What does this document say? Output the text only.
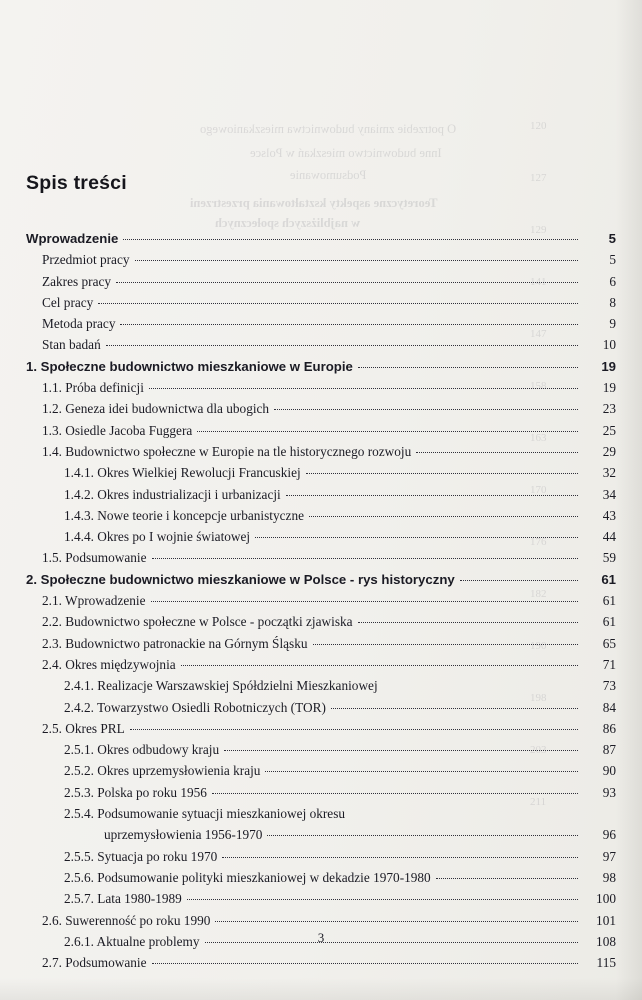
O potrzebie zmiany budownictwa mieszkaniowego
Inne budownictwo mieszkań w Polsce
Podsumowanie
Teoretyczne aspekty kształtowania przestrzeni
w najbliższych społecznych
Spis treści
Wprowadzenie	5
Przedmiot pracy	5
Zakres pracy	6
Cel pracy	8
Metoda pracy	9
Stan badań	10
1. Społeczne budownictwo mieszkaniowe w Europie	19
1.1. Próba definicji	19
1.2. Geneza idei budownictwa dla ubogich	23
1.3. Osiedle Jacoba Fuggera	25
1.4. Budownictwo społeczne w Europie na tle historycznego rozwoju	29
1.4.1. Okres Wielkiej Rewolucji Francuskiej	32
1.4.2. Okres industrializacji i urbanizacji	34
1.4.3. Nowe teorie i koncepcje urbanistyczne	43
1.4.4. Okres po I wojnie światowej	44
1.5. Podsumowanie	59
2. Społeczne budownictwo mieszkaniowe w Polsce - rys historyczny	61
2.1. Wprowadzenie	61
2.2. Budownictwo społeczne w Polsce - początki zjawiska	61
2.3. Budownictwo patronackie na Górnym Śląsku	65
2.4. Okres międzywojnia	71
2.4.1. Realizacje Warszawskiej Spółdzielni Mieszkaniowej	73
2.4.2. Towarzystwo Osiedli Robotniczych (TOR)	84
2.5. Okres PRL	86
2.5.1. Okres odbudowy kraju	87
2.5.2. Okres uprzemysłowienia kraju	90
2.5.3. Polska po roku 1956	93
2.5.4. Podsumowanie sytuacji mieszkaniowej okresu
uprzemysłowienia 1956-1970	96
2.5.5. Sytuacja po roku 1970	97
2.5.6. Podsumowanie polityki mieszkaniowej w dekadzie 1970-1980	98
2.5.7. Lata 1980-1989	100
2.6. Suwerenność po roku 1990	101
2.6.1. Aktualne problemy	108
2.7. Podsumowanie	115
3
120
127
129
141
147
158
163
170
176
182
190
198
203
211
